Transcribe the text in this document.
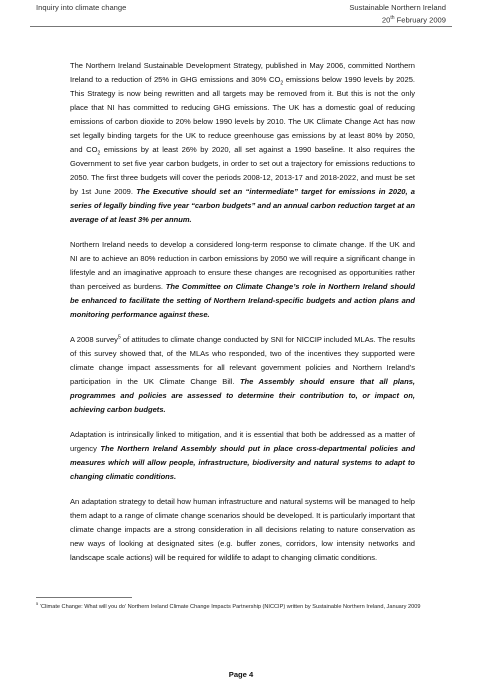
Inquiry into climate change	Sustainable Northern Ireland
20th February 2009

The Northern Ireland Sustainable Development Strategy, published in May 2006, committed Northern Ireland to a reduction of 25% in GHG emissions and 30% $CO_2$ emissions below 1990 levels by 2025. This Strategy is now being rewritten and all targets may be removed from it. But this is not the only place that NI has committed to reducing GHG emissions. The UK has a domestic goal of reducing emissions of carbon dioxide to 20% below 1990 levels by 2010. The UK Climate Change Act has now set legally binding targets for the UK to reduce greenhouse gas emissions by at least 80% by 2050, and $CO_2$ emissions by at least 26% by 2020, all set against a 1990 baseline. It also requires the Government to set five year carbon budgets, in order to set out a trajectory for emissions reductions to 2050. The first three budgets will cover the periods 2008-12, 2013-17 and 2018-2022, and must be set by 1st June 2009. The Executive should set an “intermediate” target for emissions in 2020, a series of legally binding five year “carbon budgets” and an annual carbon reduction target at an average of at least 3% per annum.

Northern Ireland needs to develop a considered long-term response to climate change. If the UK and NI are to achieve an 80% reduction in carbon emissions by 2050 we will require a significant change in lifestyle and an imaginative approach to ensure these changes are recognised as opportunities rather than perceived as burdens. The Committee on Climate Change’s role in Northern Ireland should be enhanced to facilitate the setting of Northern Ireland-specific budgets and action plans and monitoring performance against these.

A 2008 survey$^5$ of attitudes to climate change conducted by SNI for NICCIP included MLAs. The results of this survey showed that, of the MLAs who responded, two of the incentives they supported were climate change impact assessments for all relevant government policies and Northern Ireland’s participation in the UK Climate Change Bill. The Assembly should ensure that all plans, programmes and policies are assessed to determine their contribution to, or impact on, achieving carbon budgets.

Adaptation is intrinsically linked to mitigation, and it is essential that both be addressed as a matter of urgency The Northern Ireland Assembly should put in place cross-departmental policies and measures which will allow people, infrastructure, biodiversity and natural systems to adapt to changing climatic conditions.

An adaptation strategy to detail how human infrastructure and natural systems will be managed to help them adapt to a range of climate change scenarios should be developed. It is particularly important that climate change impacts are a strong consideration in all decisions relating to nature conservation as new ways of looking at designated sites (e.g. buffer zones, corridors, low intensity networks and landscape scale actions) will be required for wildlife to adapt to changing climatic conditions.

$^5$ ‘Climate Change: What will you do’ Northern Ireland Climate Change Impacts Partnership (NICCIP) written by Sustainable Northern Ireland, January 2009
Page 4
